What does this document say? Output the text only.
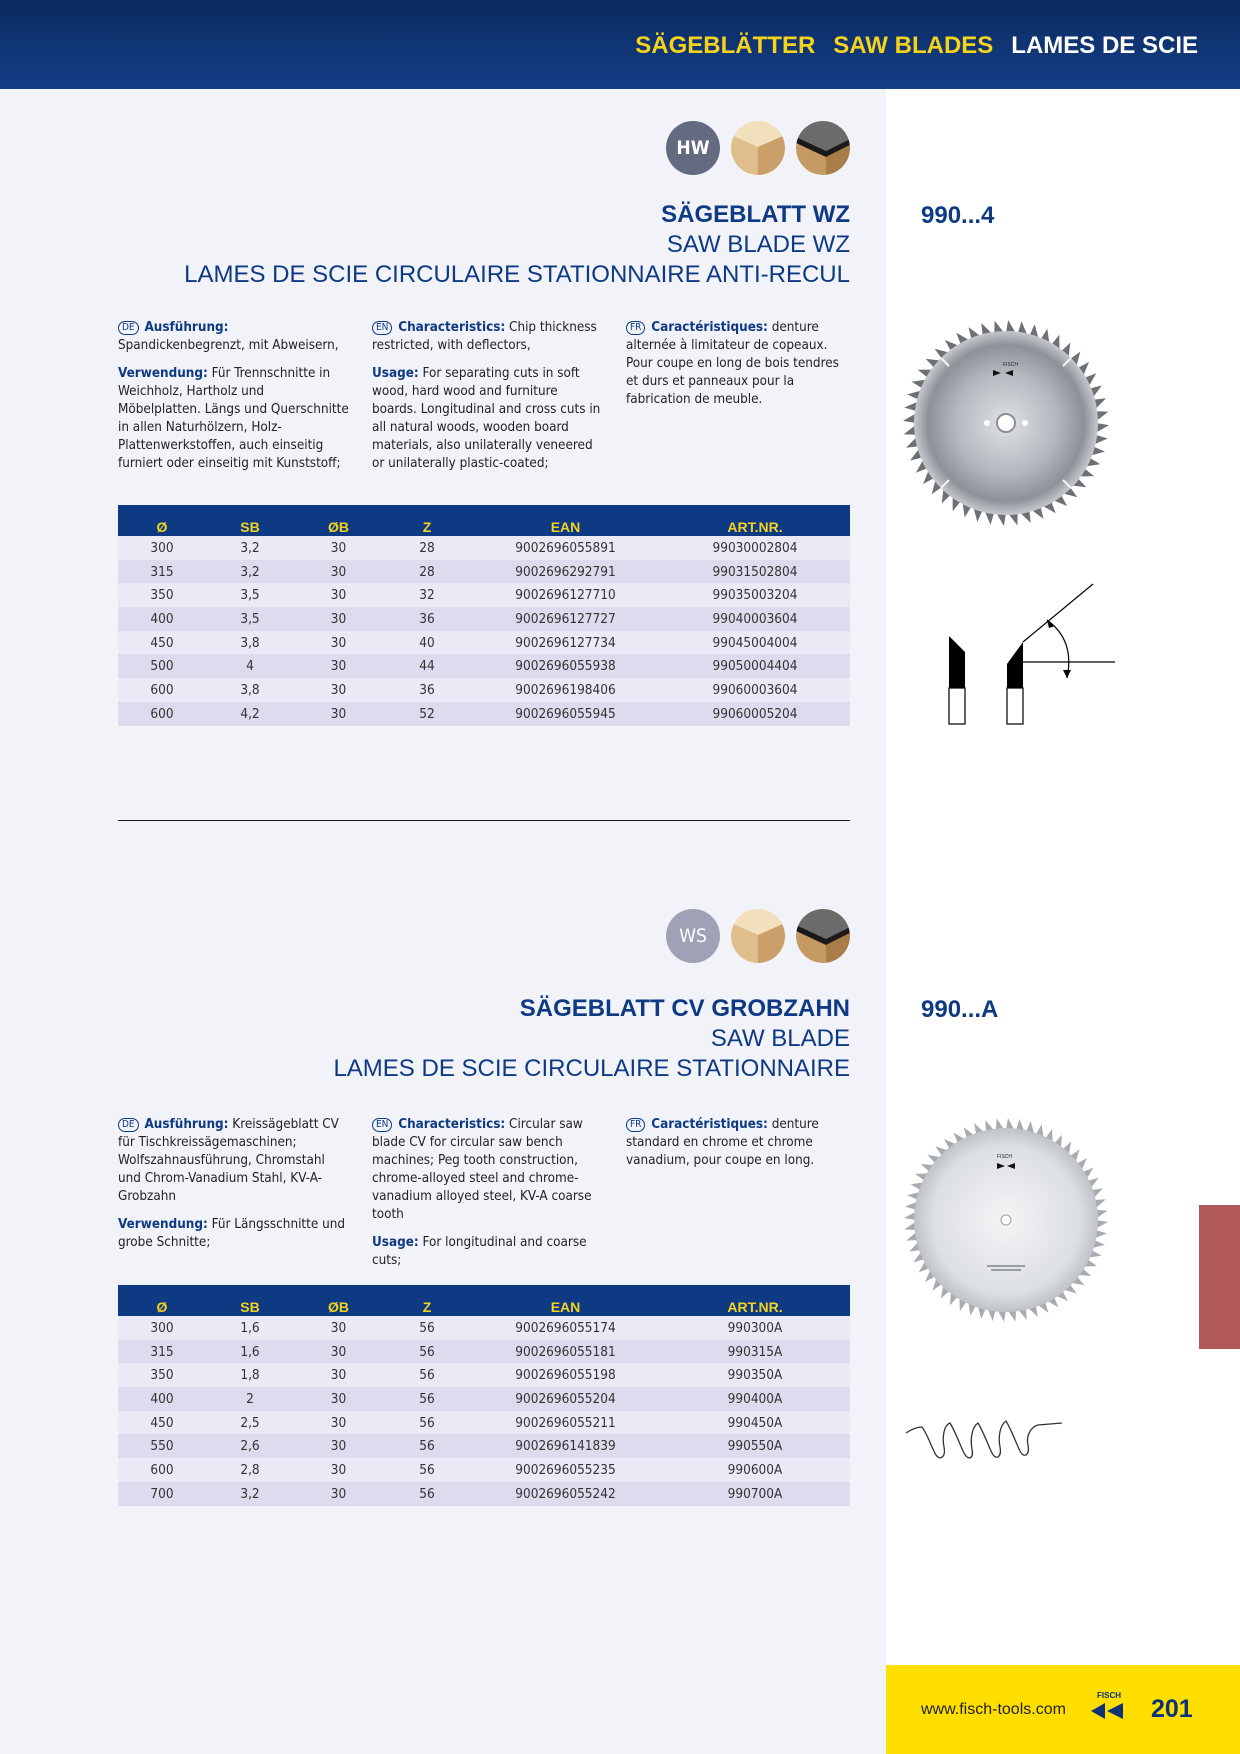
SÄGEBLÄTTER SAW BLADES LAMES DE SCIE
HW
SÄGEBLATT WZ
SAW BLADE WZ
LAMES DE SCIE CIRCULAIRE STATIONNAIRE ANTI-RECUL
990...4

DE Ausführung: Spandickenbegrenzt, mit Abweisern,

Verwendung: Für Trennschnitte in Weichholz, Hartholz und Möbelplatten. Längs und Querschnitte in allen Naturhölzern, Holz-Plattenwerkstoffen, auch einseitig furniert oder einseitig mit Kunststoff;

EN Characteristics: Chip thickness restricted, with deflectors,

Usage: For separating cuts in soft wood, hard wood and furniture boards. Longitudinal and cross cuts in all natural woods, wooden board materials, also unilaterally veneered or unilaterally plastic-coated;

FR Caractéristiques: denture alternée à limitateur de copeaux. Pour coupe en long de bois tendres et durs et panneaux pour la fabrication de meuble.

Ø	SB	ØB	Z	EAN	ART.NR.
300	3,2	30	28	9002696055891	99030002804
315	3,2	30	28	9002696292791	99031502804
350	3,5	30	32	9002696127710	99035003204
400	3,5	30	36	9002696127727	99040003604
450	3,8	30	40	9002696127734	99045004004
500	4	30	44	9002696055938	99050004404
600	3,8	30	36	9002696198406	99060003604
600	4,2	30	52	9002696055945	99060005204
FISCH
WS
SÄGEBLATT CV GROBZAHN
SAW BLADE
LAMES DE SCIE CIRCULAIRE STATIONNAIRE
990...A

DE Ausführung: Kreissägeblatt CV für Tischkreissägemaschinen; Wolfszahnausführung, Chromstahl und Chrom-Vanadium Stahl, KV-A-Grobzahn

Verwendung: Für Längsschnitte und grobe Schnitte;

EN Characteristics: Circular saw blade CV for circular saw bench machines; Peg tooth construction, chrome-alloyed steel and chrome-vanadium alloyed steel, KV-A coarse tooth

Usage: For longitudinal and coarse cuts;

FR Caractéristiques: denture standard en chrome et chrome vanadium, pour coupe en long.

Ø	SB	ØB	Z	EAN	ART.NR.
300	1,6	30	56	9002696055174	990300A
315	1,6	30	56	9002696055181	990315A
350	1,8	30	56	9002696055198	990350A
400	2	30	56	9002696055204	990400A
450	2,5	30	56	9002696055211	990450A
550	2,6	30	56	9002696141839	990550A
600	2,8	30	56	9002696055235	990600A
700	3,2	30	56	9002696055242	990700A
FISCH
www.fisch-tools.com
FISCH 201
